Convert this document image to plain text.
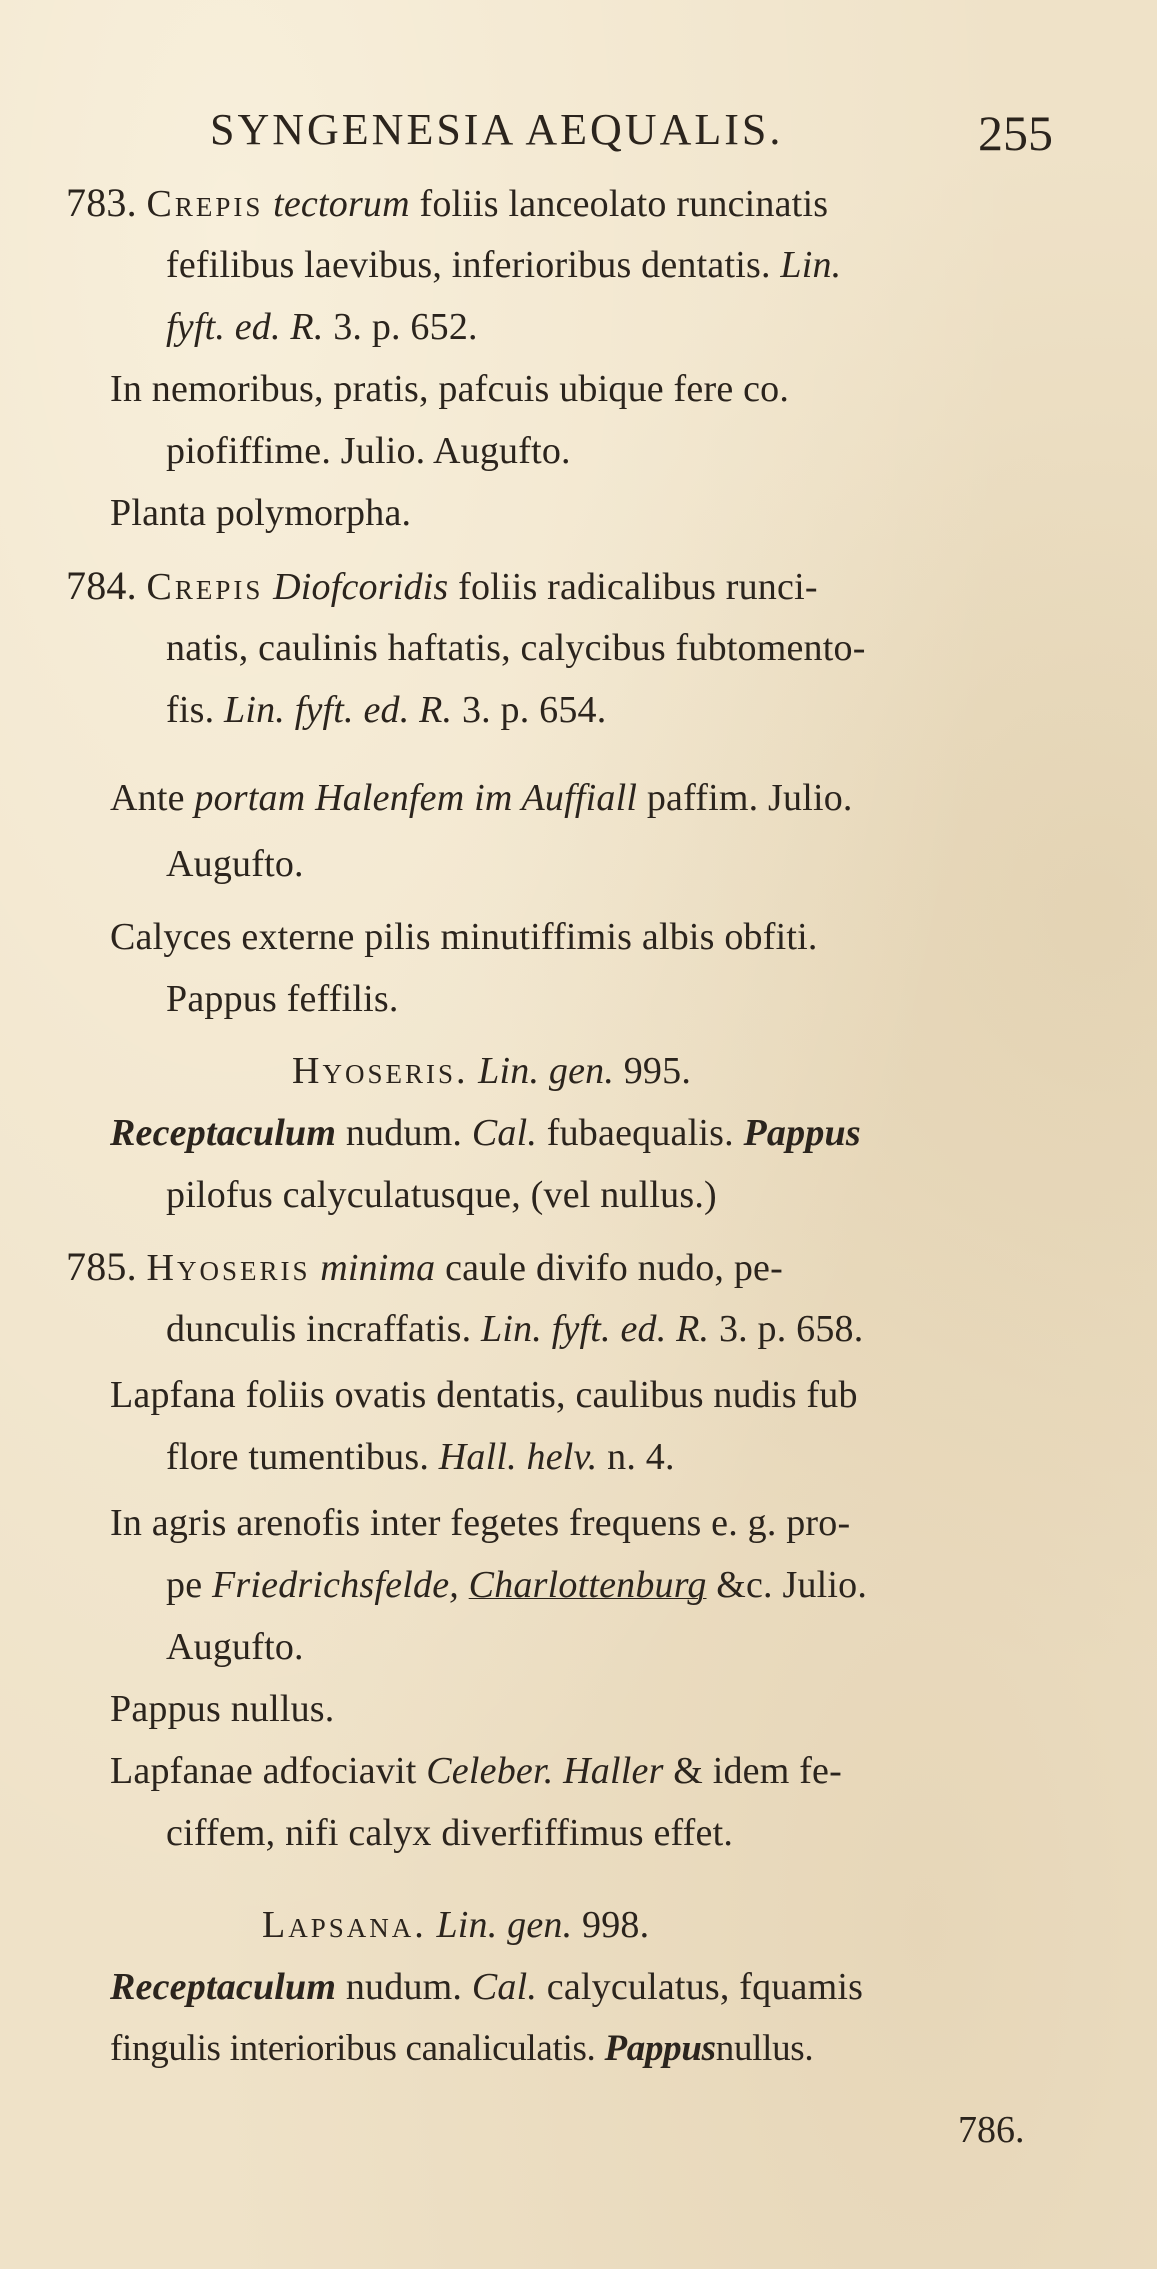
SYNGENESIA AEQUALIS.	255
783. Crepis tectorum foliis lanceolato runcinatis
fefilibus laevibus, inferioribus dentatis. Lin.
fyft. ed. R. 3. p. 652.
In nemoribus, pratis, pafcuis ubique fere co.
piofiffime. Julio. Augufto.
Planta polymorpha.
784. Crepis Diofcoridis foliis radicalibus runci-
natis, caulinis haftatis, calycibus fubtomento-
fis. Lin. fyft. ed. R. 3. p. 654.
Ante portam Halenfem im Auffiall paffim. Julio.
Augufto.
Calyces externe pilis minutiffimis albis obfiti.
Pappus feffilis.
Hyoseris. Lin. gen. 995.
Receptaculum nudum. Cal. fubaequalis. Pappus
pilofus calyculatusque, (vel nullus.)
785. Hyoseris minima caule divifo nudo, pe-
dunculis incraffatis. Lin. fyft. ed. R. 3. p. 658.
Lapfana foliis ovatis dentatis, caulibus nudis fub
flore tumentibus. Hall. helv. n. 4.
In agris arenofis inter fegetes frequens e. g. pro-
pe Friedrichsfelde, Charlottenburg &c. Julio.
Augufto.
Pappus nullus.
Lapfanae adfociavit Celeber. Haller & idem fe-
ciffem, nifi calyx diverfiffimus effet.
Lapsana. Lin. gen. 998.
Receptaculum nudum. Cal. calyculatus, fquamis
fingulis interioribus canaliculatis. Pappusnullus.
786.
